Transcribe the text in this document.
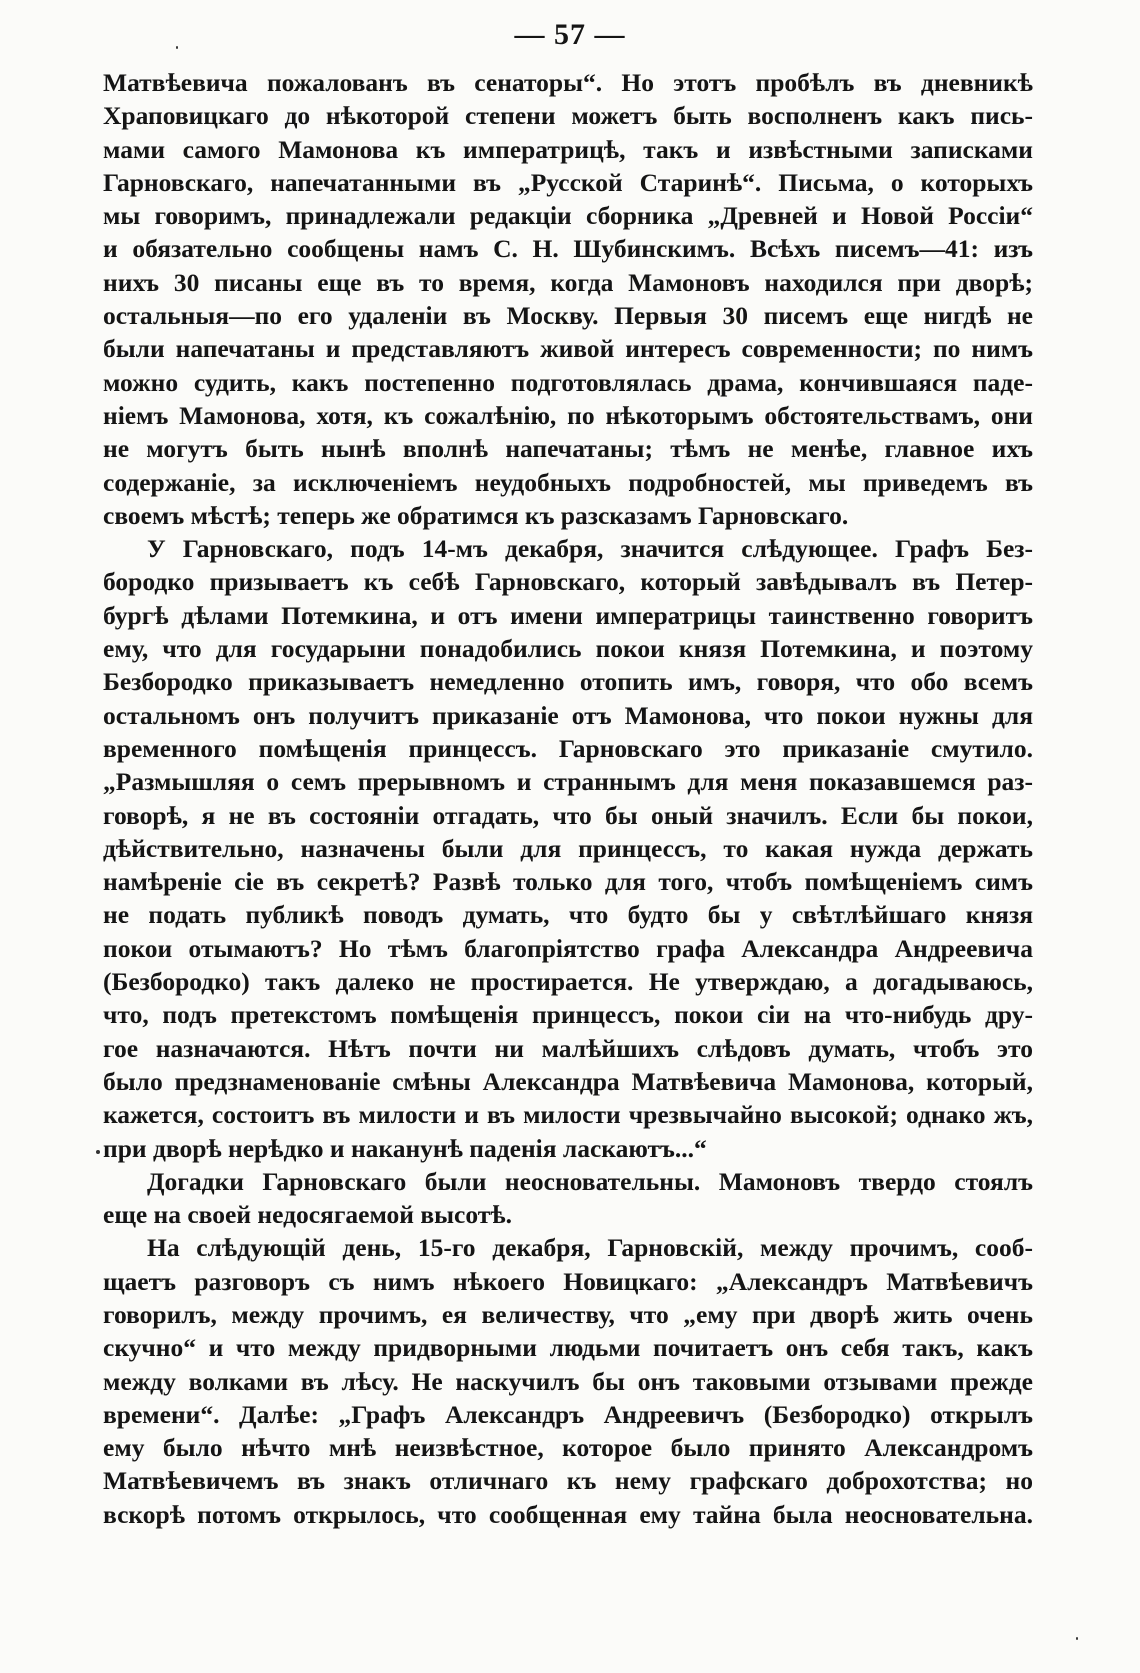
— 57 —
Матвѣевича пожалованъ въ сенаторы“. Но этотъ пробѣлъ въ дневникѣ
Храповицкаго до нѣкоторой степени можетъ быть восполненъ какъ пись-
мами самого Мамонова къ императрицѣ, такъ и извѣстными записками
Гарновскаго, напечатанными въ „Русской Старинѣ“. Письма, о которыхъ
мы говоримъ, принадлежали редакціи сборника „Древней и Новой Россіи“
и обязательно сообщены намъ С. Н. Шубинскимъ. Всѣхъ писемъ—41: изъ
нихъ 30 писаны еще въ то время, когда Мамоновъ находился при дворѣ;
остальныя—по его удаленіи въ Москву. Первыя 30 писемъ еще нигдѣ не
были напечатаны и представляютъ живой интересъ современности; по нимъ
можно судить, какъ постепенно подготовлялась драма, кончившаяся паде-
ніемъ Мамонова, хотя, къ сожалѣнію, по нѣкоторымъ обстоятельствамъ, они
не могутъ быть нынѣ вполнѣ напечатаны; тѣмъ не менѣе, главное ихъ
содержаніе, за исключеніемъ неудобныхъ подробностей, мы приведемъ въ
своемъ мѣстѣ; теперь же обратимся къ разсказамъ Гарновскаго.
У Гарновскаго, подъ 14-мъ декабря, значится слѣдующее. Графъ Без-
бородко призываетъ къ себѣ Гарновскаго, который завѣдывалъ въ Петер-
бургѣ дѣлами Потемкина, и отъ имени императрицы таинственно говоритъ
ему, что для государыни понадобились покои князя Потемкина, и поэтому
Безбородко приказываетъ немедленно отопить имъ, говоря, что обо всемъ
остальномъ онъ получитъ приказаніе отъ Мамонова, что покои нужны для
временного помѣщенія принцессъ. Гарновскаго это приказаніе смутило.
„Размышляя о семъ прерывномъ и страннымъ для меня показавшемся раз-
говорѣ, я не въ состояніи отгадать, что бы оный значилъ. Если бы покои,
дѣйствительно, назначены были для принцессъ, то какая нужда держать
намѣреніе сіе въ секретѣ? Развѣ только для того, чтобъ помѣщеніемъ симъ
не подать публикѣ поводъ думать, что будто бы у свѣтлѣйшаго князя
покои отымаютъ? Но тѣмъ благопріятство графа Александра Андреевича
(Безбородко) такъ далеко не простирается. Не утверждаю, а догадываюсь,
что, подъ претекстомъ помѣщенія принцессъ, покои сіи на что-нибудь дру-
гое назначаются. Нѣтъ почти ни малѣйшихъ слѣдовъ думать, чтобъ это
было предзнаменованіе смѣны Александра Матвѣевича Мамонова, который,
кажется, состоитъ въ милости и въ милости чрезвычайно высокой; однако жъ,
при дворѣ нерѣдко и наканунѣ паденія ласкаютъ...“
Догадки Гарновскаго были неосновательны. Мамоновъ твердо стоялъ
еще на своей недосягаемой высотѣ.
На слѣдующій день, 15-го декабря, Гарновскій, между прочимъ, сооб-
щаетъ разговоръ съ нимъ нѣкоего Новицкаго: „Александръ Матвѣевичъ
говорилъ, между прочимъ, ея величеству, что „ему при дворѣ жить очень
скучно“ и что между придворными людьми почитаетъ онъ себя такъ, какъ
между волками въ лѣсу. Не наскучилъ бы онъ таковыми отзывами прежде
времени“. Далѣе: „Графъ Александръ Андреевичъ (Безбородко) открылъ
ему было нѣчто мнѣ неизвѣстное, которое было принято Александромъ
Матвѣевичемъ въ знакъ отличнаго къ нему графскаго доброхотства; но
вскорѣ потомъ открылось, что сообщенная ему тайна была неосновательна.
